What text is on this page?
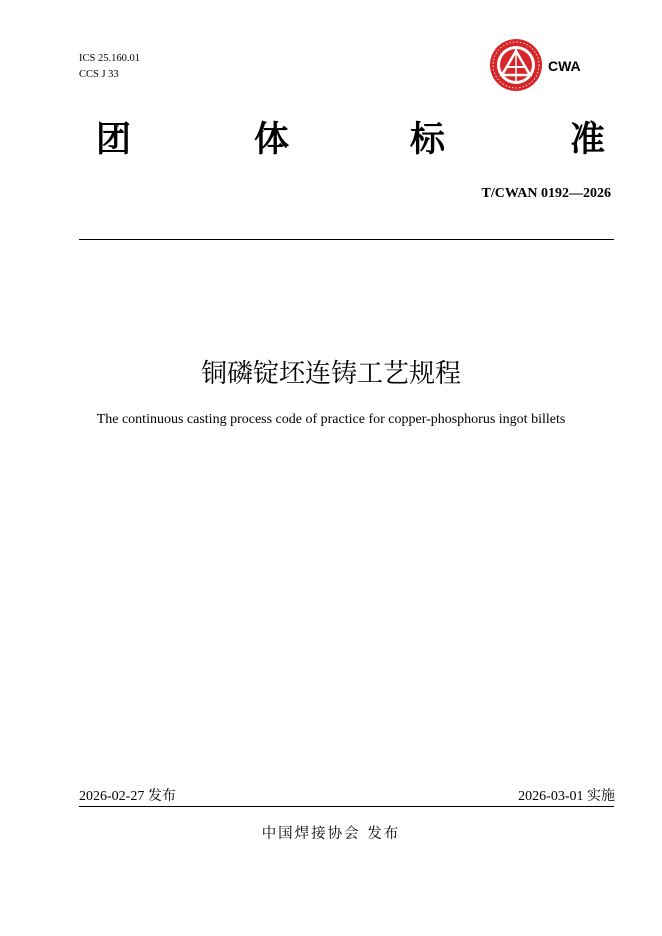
ICS 25.160.01
CCS J 33
CWA
团	体	标	准
T/CWAN 0192—2026
铜磷锭坯连铸工艺规程
The continuous casting process code of practice for copper-phosphorus ingot billets
2026-02-27 发布	2026-03-01 实施
中国焊接协会 发布
